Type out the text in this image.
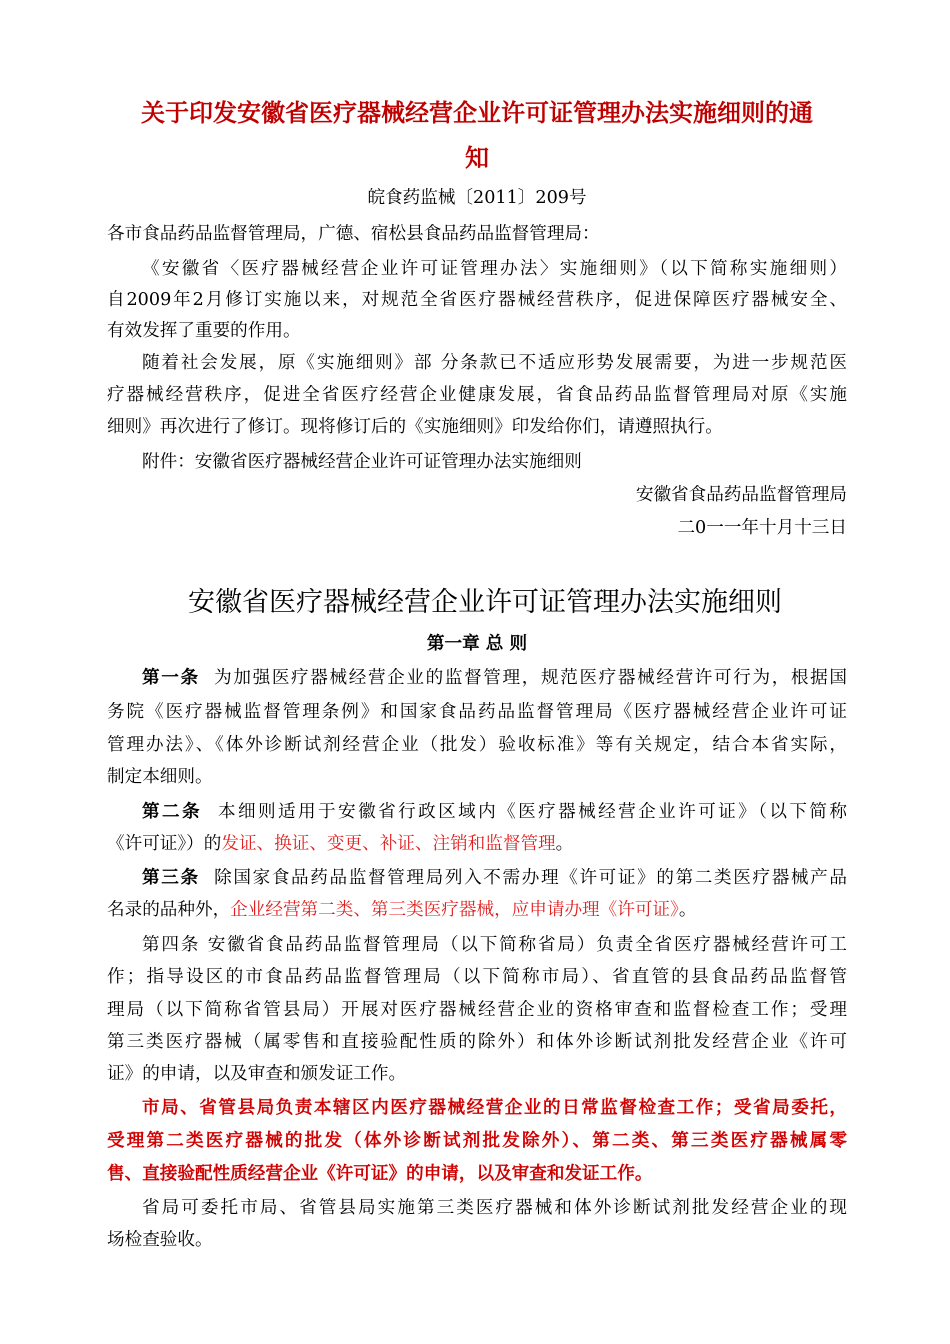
关于印发安徽省医疗器械经营企业许可证管理办法实施细则的通
知
皖食药监械〔2011〕209号
各市食品药品监督管理局，广德、宿松县食品药品监督管理局：
《安徽省〈医疗器械经营企业许可证管理办法〉实施细则》（以下简称实施细则）
自2009年2月修订实施以来，对规范全省医疗器械经营秩序，促进保障医疗器械安全、
有效发挥了重要的作用。
随着社会发展，原《实施细则》部 分条款已不适应形势发展需要，为进一步规范医
疗器械经营秩序，促进全省医疗经营企业健康发展，省食品药品监督管理局对原《实施
细则》再次进行了修订。现将修订后的《实施细则》印发给你们，请遵照执行。
附件：安徽省医疗器械经营企业许可证管理办法实施细则
安徽省食品药品监督管理局
二0一一年十月十三日
安徽省医疗器械经营企业许可证管理办法实施细则
第一章 总 则
第一条 为加强医疗器械经营企业的监督管理，规范医疗器械经营许可行为，根据国
务院《医疗器械监督管理条例》和国家食品药品监督管理局《医疗器械经营企业许可证
管理办法》、《体外诊断试剂经营企业（批发）验收标准》等有关规定，结合本省实际，
制定本细则。
第二条 本细则适用于安徽省行政区域内《医疗器械经营企业许可证》（以下简称
《许可证》）的发证、换证、变更、补证、注销和监督管理。
第三条 除国家食品药品监督管理局列入不需办理《许可证》的第二类医疗器械产品
名录的品种外，企业经营第二类、第三类医疗器械，应申请办理《许可证》。
第四条 安徽省食品药品监督管理局（以下简称省局）负责全省医疗器械经营许可工
作；指导设区的市食品药品监督管理局（以下简称市局）、省直管的县食品药品监督管
理局（以下简称省管县局）开展对医疗器械经营企业的资格审查和监督检查工作；受理
第三类医疗器械（属零售和直接验配性质的除外）和体外诊断试剂批发经营企业《许可
证》的申请，以及审查和颁发证工作。
市局、省管县局负责本辖区内医疗器械经营企业的日常监督检查工作；受省局委托，
受理第二类医疗器械的批发（体外诊断试剂批发除外）、第二类、第三类医疗器械属零
售、直接验配性质经营企业《许可证》的申请，以及审查和发证工作。
省局可委托市局、省管县局实施第三类医疗器械和体外诊断试剂批发经营企业的现
场检查验收。
